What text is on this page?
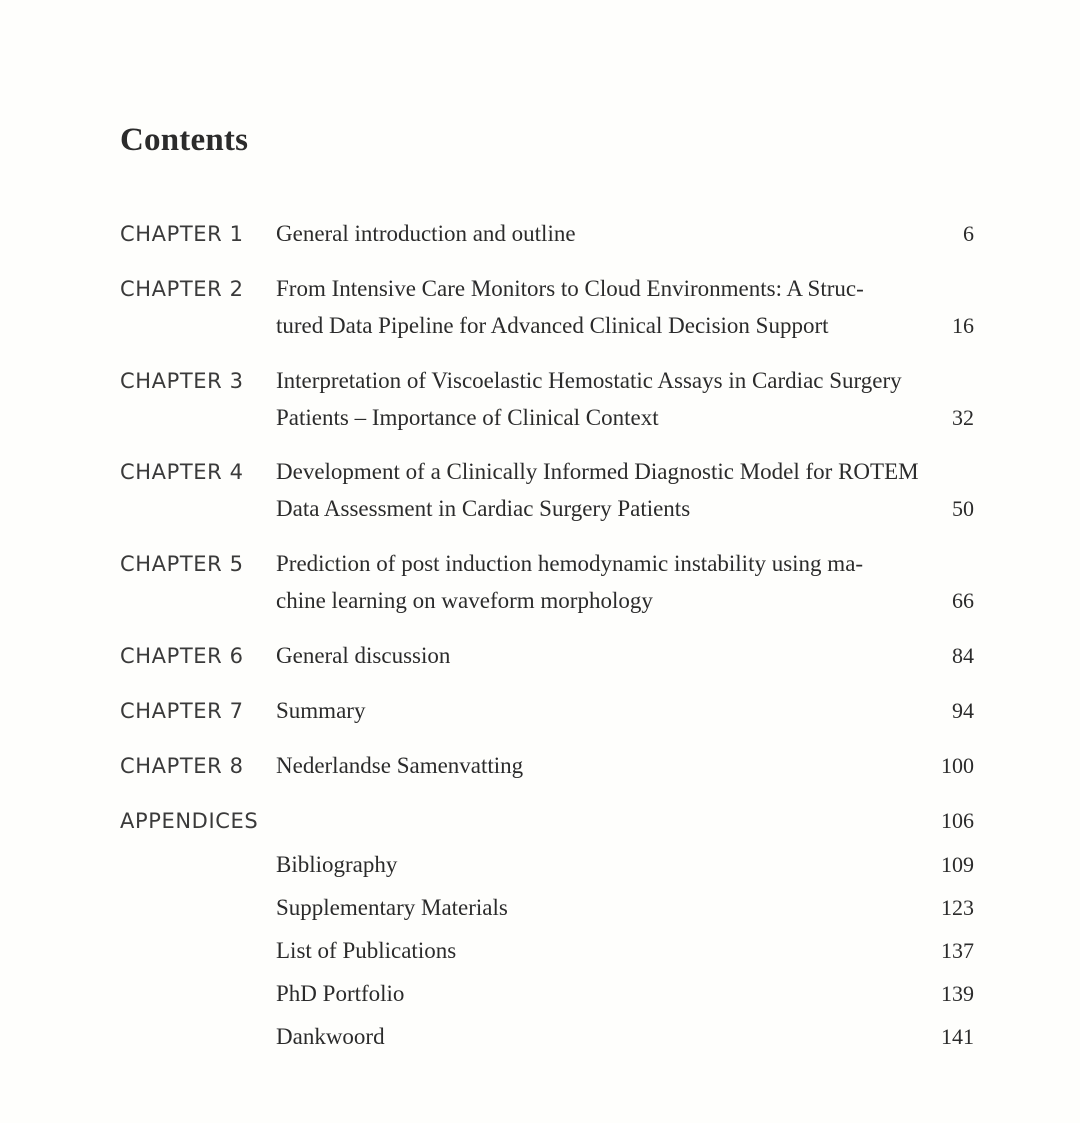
Contents
CHAPTER 1 General introduction and outline	6
CHAPTER 2 From Intensive Care Monitors to Cloud Environments: A Struc-
tured Data Pipeline for Advanced Clinical Decision Support	16
CHAPTER 3 Interpretation of Viscoelastic Hemostatic Assays in Cardiac Surgery
Patients – Importance of Clinical Context	32
CHAPTER 4 Development of a Clinically Informed Diagnostic Model for ROTEM
Data Assessment in Cardiac Surgery Patients	50
CHAPTER 5 Prediction of post induction hemodynamic instability using ma-
chine learning on waveform morphology	66
CHAPTER 6 General discussion	84
CHAPTER 7 Summary	94
CHAPTER 8 Nederlandse Samenvatting	100
APPENDICES	106
Bibliography	109
Supplementary Materials	123
List of Publications	137
PhD Portfolio	139
Dankwoord	141
